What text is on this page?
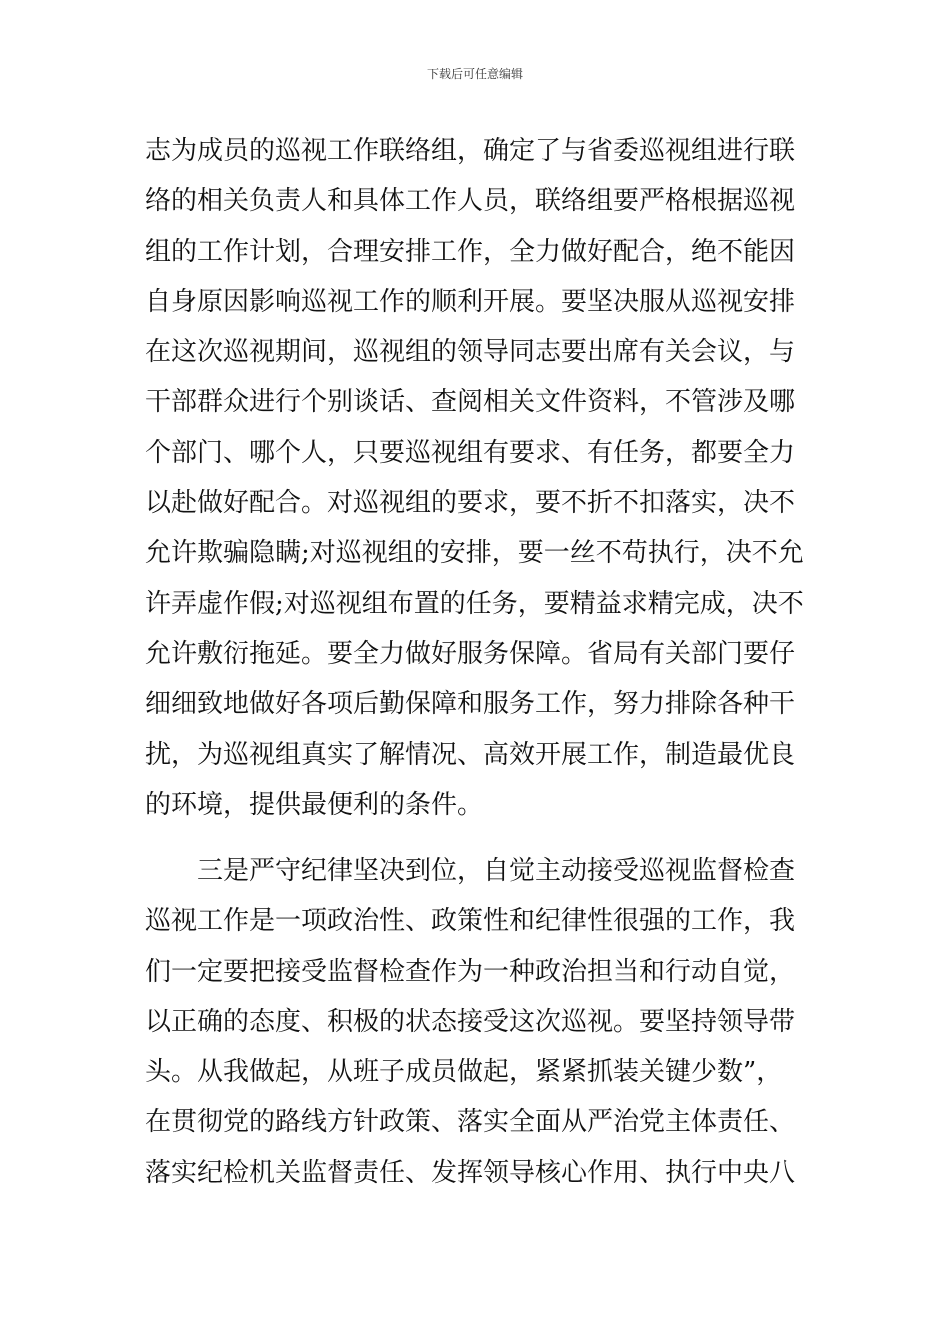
下载后可任意编辑
志为成员的巡视工作联络组，确定了与省委巡视组进行联
络的相关负责人和具体工作人员，联络组要严格根据巡视
组的工作计划，合理安排工作，全力做好配合，绝不能因
自身原因影响巡视工作的顺利开展。要坚决服从巡视安排
在这次巡视期间，巡视组的领导同志要出席有关会议，与
干部群众进行个别谈话、查阅相关文件资料，不管涉及哪
个部门、哪个人，只要巡视组有要求、有任务，都要全力
以赴做好配合。对巡视组的要求，要不折不扣落实，决不
允许欺骗隐瞒;对巡视组的安排，要一丝不苟执行，决不允
许弄虚作假;对巡视组布置的任务，要精益求精完成，决不
允许敷衍拖延。要全力做好服务保障。省局有关部门要仔
细细致地做好各项后勤保障和服务工作，努力排除各种干
扰，为巡视组真实了解情况、高效开展工作，制造最优良
的环境，提供最便利的条件。
三是严守纪律坚决到位，自觉主动接受巡视监督检查
巡视工作是一项政治性、政策性和纪律性很强的工作，我
们一定要把接受监督检查作为一种政治担当和行动自觉，
以正确的态度、积极的状态接受这次巡视。要坚持领导带
头。从我做起，从班子成员做起，紧紧抓装关键少数”，
在贯彻党的路线方针政策、落实全面从严治党主体责任、
落实纪检机关监督责任、发挥领导核心作用、执行中央八
